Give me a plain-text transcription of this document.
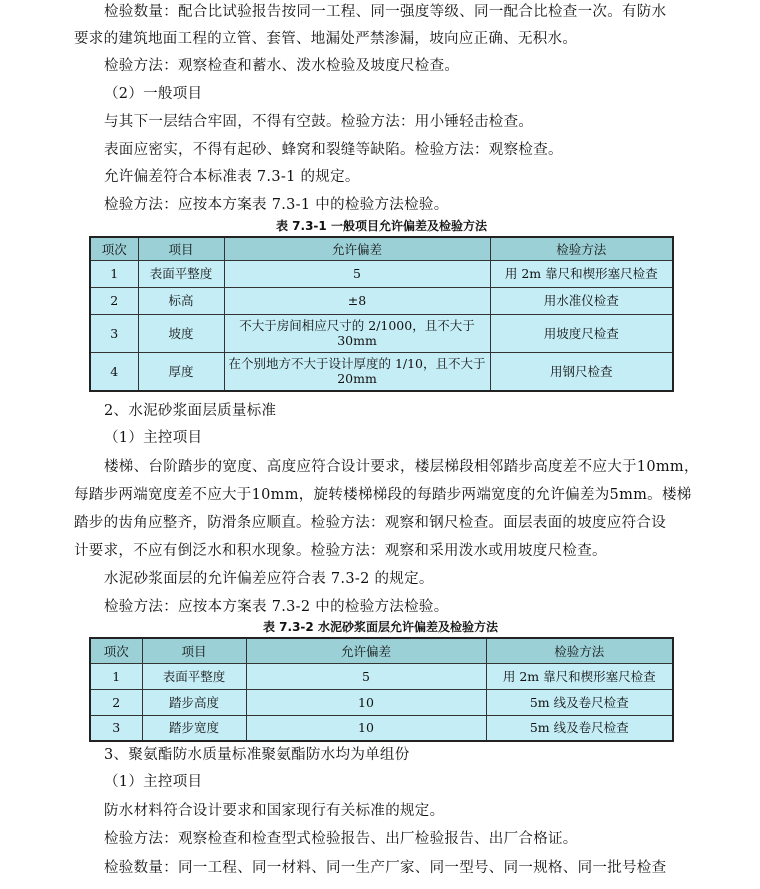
检验数量：配合比试验报告按同一工程、同一强度等级、同一配合比检查一次。有防水
要求的建筑地面工程的立管、套管、地漏处严禁渗漏，坡向应正确、无积水。
检验方法：观察检查和蓄水、泼水检验及坡度尺检查。
（2）一般项目
与其下一层结合牢固，不得有空鼓。检验方法：用小锤轻击检查。
表面应密实，不得有起砂、蜂窝和裂缝等缺陷。检验方法：观察检查。
允许偏差符合本标准表 7.3-1 的规定。
检验方法：应按本方案表 7.3-1 中的检验方法检验。
表 7.3-1 一般项目允许偏差及检验方法
项次	项目	允许偏差	检验方法
1	表面平整度	5	用 2m 靠尺和楔形塞尺检查
2	标高	±8	用水准仪检查
3	坡度	不大于房间相应尺寸的 2/1000，且不大于 30mm	用坡度尺检查
4	厚度	在个别地方不大于设计厚度的 1/10，且不大于 20mm	用钢尺检查
2、水泥砂浆面层质量标准
（1）主控项目
楼梯、台阶踏步的宽度、高度应符合设计要求，楼层梯段相邻踏步高度差不应大于10mm，
每踏步两端宽度差不应大于10mm，旋转楼梯梯段的每踏步两端宽度的允许偏差为5mm。楼梯
踏步的齿角应整齐，防滑条应顺直。检验方法：观察和钢尺检查。面层表面的坡度应符合设
计要求，不应有倒泛水和积水现象。检验方法：观察和采用泼水或用坡度尺检查。
水泥砂浆面层的允许偏差应符合表 7.3-2 的规定。
检验方法：应按本方案表 7.3-2 中的检验方法检验。
表 7.3-2 水泥砂浆面层允许偏差及检验方法
项次	项目	允许偏差	检验方法
1	表面平整度	5	用 2m 靠尺和楔形塞尺检查
2	踏步高度	10	5m 线及卷尺检查
3	踏步宽度	10	5m 线及卷尺检查
3、聚氨酯防水质量标准聚氨酯防水均为单组份
（1）主控项目
防水材料符合设计要求和国家现行有关标准的规定。
检验方法：观察检查和检查型式检验报告、出厂检验报告、出厂合格证。
检验数量：同一工程、同一材料、同一生产厂家、同一型号、同一规格、同一批号检查
